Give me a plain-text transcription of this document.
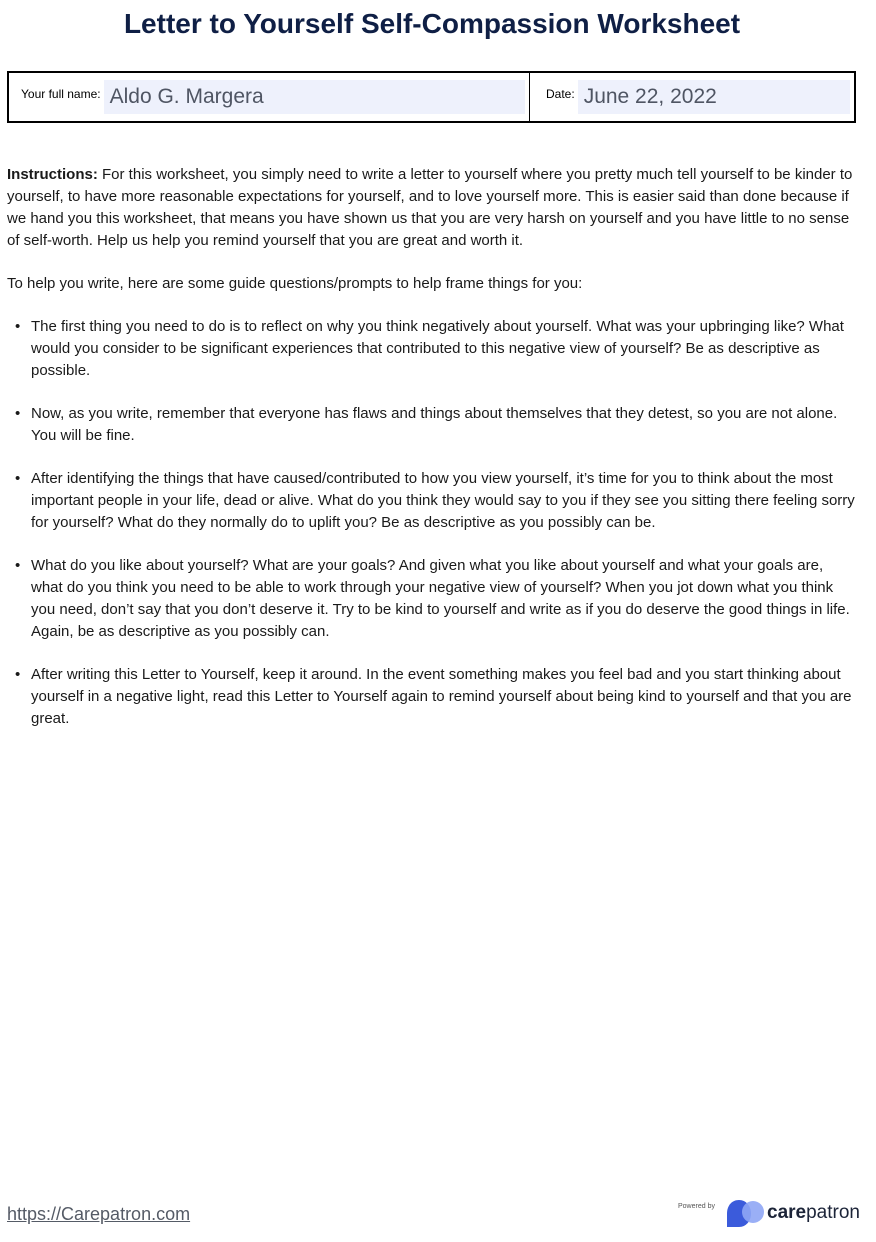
Letter to Yourself Self-Compassion Worksheet
Your full name: Aldo G. Margera	Date: June 22, 2022

Instructions: For this worksheet, you simply need to write a letter to yourself where you pretty much tell yourself to be kinder to yourself, to have more reasonable expectations for yourself, and to love yourself more. This is easier said than done because if we hand you this worksheet, that means you have shown us that you are very harsh on yourself and you have little to no sense of self-worth. Help us help you remind yourself that you are great and worth it.

To help you write, here are some guide questions/prompts to help frame things for you:

• The first thing you need to do is to reflect on why you think negatively about yourself. What was your upbringing like? What would you consider to be significant experiences that contributed to this negative view of yourself? Be as descriptive as possible.
• Now, as you write, remember that everyone has flaws and things about themselves that they detest, so you are not alone. You will be fine.
• After identifying the things that have caused/contributed to how you view yourself, it’s time for you to think about the most important people in your life, dead or alive. What do you think they would say to you if they see you sitting there feeling sorry for yourself? What do they normally do to uplift you? Be as descriptive as you possibly can be.
• What do you like about yourself? What are your goals? And given what you like about yourself and what your goals are, what do you think you need to be able to work through your negative view of yourself? When you jot down what you think you need, don’t say that you don’t deserve it. Try to be kind to yourself and write as if you do deserve the good things in life. Again, be as descriptive as you possibly can.
• After writing this Letter to Yourself, keep it around. In the event something makes you feel bad and you start thinking about yourself in a negative light, read this Letter to Yourself again to remind yourself about being kind to yourself and that you are great.
https://Carepatron.com	Powered by	carepatron
